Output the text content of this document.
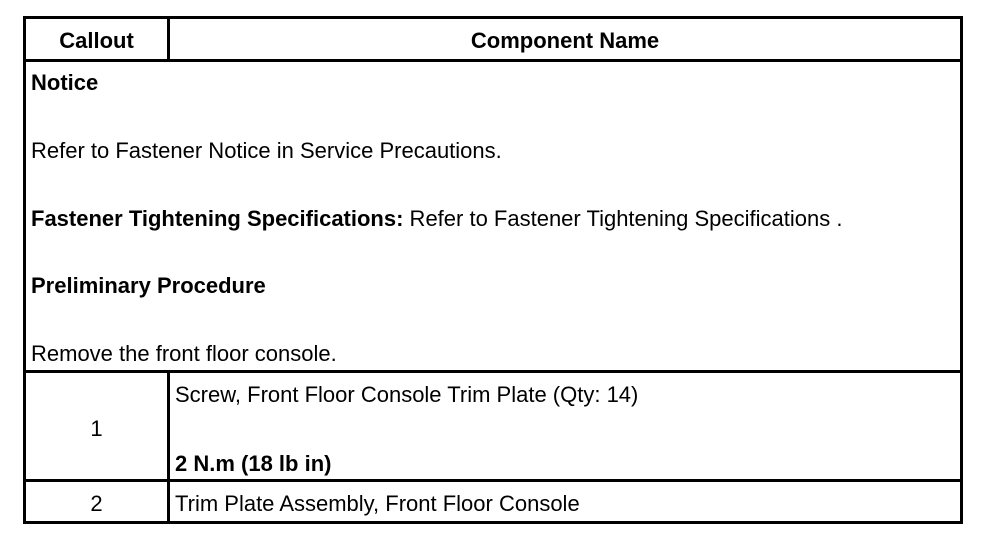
Callout	Component Name
Notice
Refer to Fastener Notice in Service Precautions.
Fastener Tightening Specifications: Refer to Fastener Tightening Specifications .
Preliminary Procedure
Remove the front floor console.
1
Screw, Front Floor Console Trim Plate (Qty: 14)
2 N.m (18 lb in)
2	Trim Plate Assembly, Front Floor Console
